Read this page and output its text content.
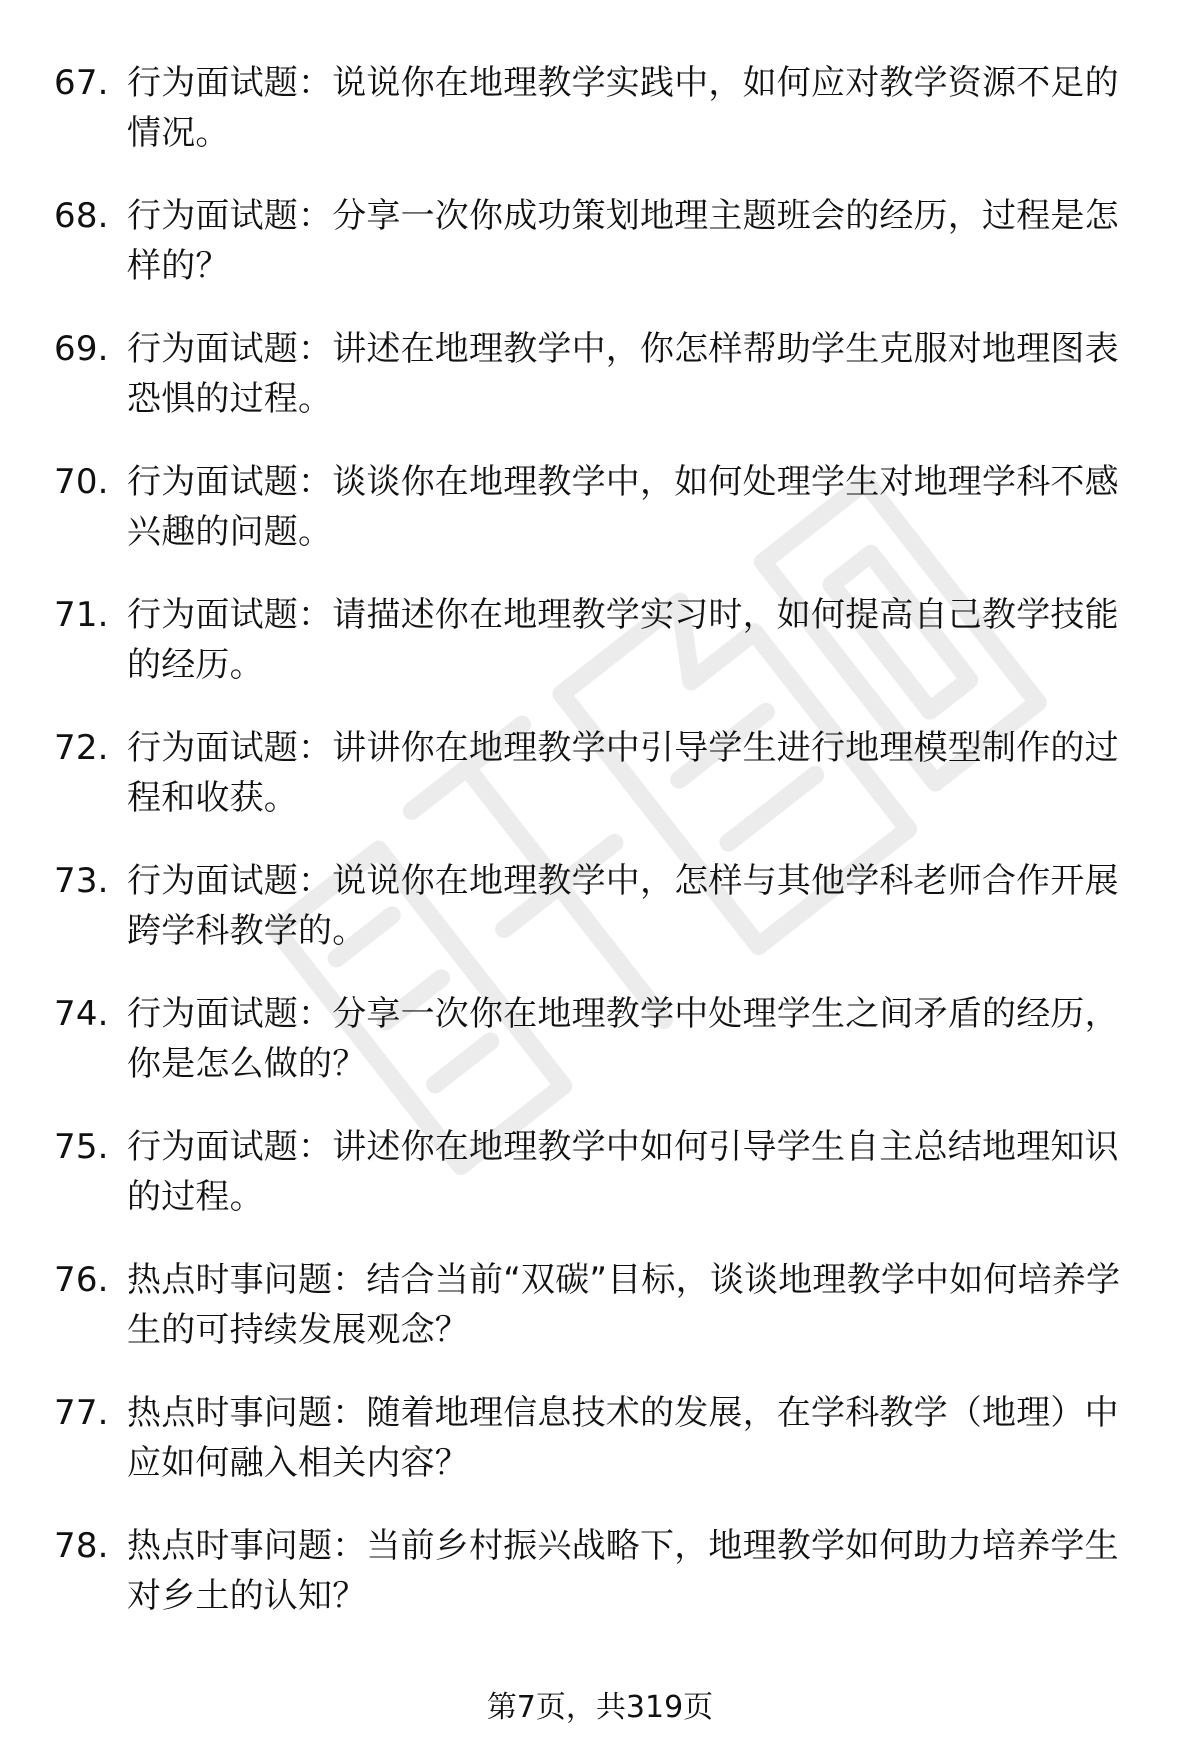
67. 行为面试题：说说你在地理教学实践中，如何应对教学资源不足的情况。
68. 行为面试题：分享一次你成功策划地理主题班会的经历，过程是怎样的？
69. 行为面试题：讲述在地理教学中，你怎样帮助学生克服对地理图表恐惧的过程。
70. 行为面试题：谈谈你在地理教学中，如何处理学生对地理学科不感兴趣的问题。
71. 行为面试题：请描述你在地理教学实习时，如何提高自己教学技能的经历。
72. 行为面试题：讲讲你在地理教学中引导学生进行地理模型制作的过程和收获。
73. 行为面试题：说说你在地理教学中，怎样与其他学科老师合作开展跨学科教学的。
74. 行为面试题：分享一次你在地理教学中处理学生之间矛盾的经历，你是怎么做的？
75. 行为面试题：讲述你在地理教学中如何引导学生自主总结地理知识的过程。
76. 热点时事问题：结合当前“双碳”目标，谈谈地理教学中如何培养学生的可持续发展观念？
77. 热点时事问题：随着地理信息技术的发展，在学科教学（地理）中应如何融入相关内容？
78. 热点时事问题：当前乡村振兴战略下，地理教学如何助力培养学生对乡土的认知？
第7页，共319页
